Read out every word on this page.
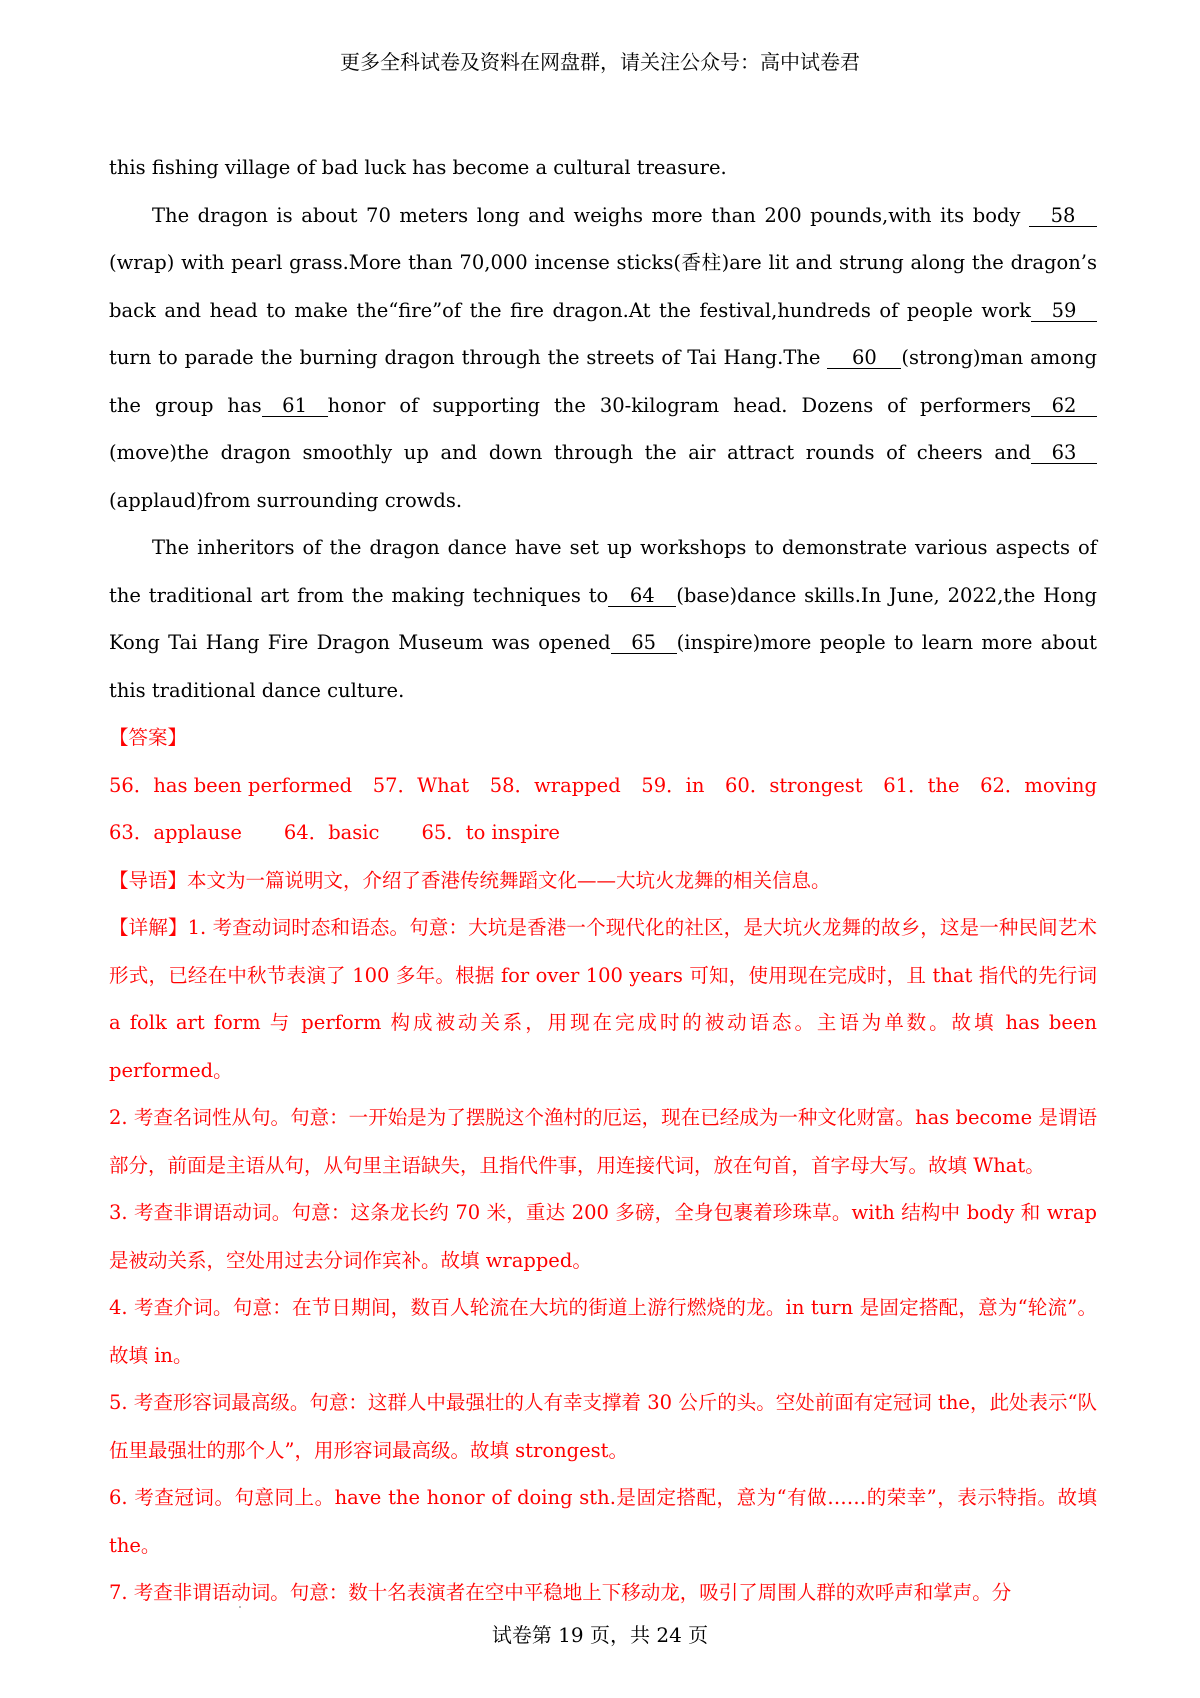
更多全科试卷及资料在网盘群，请关注公众号：高中试卷君

this fishing village of bad luck has become a cultural treasure.

The dragon is about 70 meters long and weighs more than 200 pounds,with its body 58 (wrap) with pearl grass.More than 70,000 incense sticks(香柱)are lit and strung along the dragon’s back and head to make the“fire”of the fire dragon.At the festival,hundreds of people work 59turn to parade the burning dragon through the streets of Tai Hang.The 60 (strong)man among the group has 61 honor of supporting the 30-kilogram head. Dozens of performers 62(move)the dragon smoothly up and down through the air attract rounds of cheers and 63(applaud)from surrounding crowds.

The inheritors of the dragon dance have set up workshops to demonstrate various aspects of the traditional art from the making techniques to 64 (base)dance skills.In June, 2022,the Hong Kong Tai Hang Fire Dragon Museum was opened 65 (inspire)more people to learn more about this traditional dance culture.

【答案】

56．has been performed 57．What 58．wrapped 59．in 60．strongest 61．the 62．moving
63．applause 64．basic 65．to inspire

【导语】本文为一篇说明文，介绍了香港传统舞蹈文化——大坑火龙舞的相关信息。

【详解】1. 考查动词时态和语态。句意：大坑是香港一个现代化的社区，是大坑火龙舞的故乡，这是一种民间艺术形式，已经在中秋节表演了 100 多年。根据 for over 100 years 可知，使用现在完成时，且 that 指代的先行词 a folk art form 与 perform 构成被动关系，用现在完成时的被动语态。主语为单数。故填 has been performed。

2. 考查名词性从句。句意：一开始是为了摆脱这个渔村的厄运，现在已经成为一种文化财富。has become 是谓语部分，前面是主语从句，从句里主语缺失，且指代件事，用连接代词，放在句首，首字母大写。故填 What。

3. 考查非谓语动词。句意：这条龙长约 70 米，重达 200 多磅，全身包裹着珍珠草。with 结构中 body 和 wrap 是被动关系，空处用过去分词作宾补。故填 wrapped。

4. 考查介词。句意：在节日期间，数百人轮流在大坑的街道上游行燃烧的龙。in turn 是固定搭配，意为“轮流”。故填 in。

5. 考查形容词最高级。句意：这群人中最强壮的人有幸支撑着 30 公斤的头。空处前面有定冠词 the，此处表示“队伍里最强壮的那个人”，用形容词最高级。故填 strongest。

6. 考查冠词。句意同上。have the honor of doing sth.是固定搭配，意为“有做……的荣幸”，表示特指。故填 the。

7. 考查非谓语动词。句意：数十名表演者在空中平稳地上下移动龙，吸引了周围人群的欢呼声和掌声。分

试卷第 19 页，共 24 页
